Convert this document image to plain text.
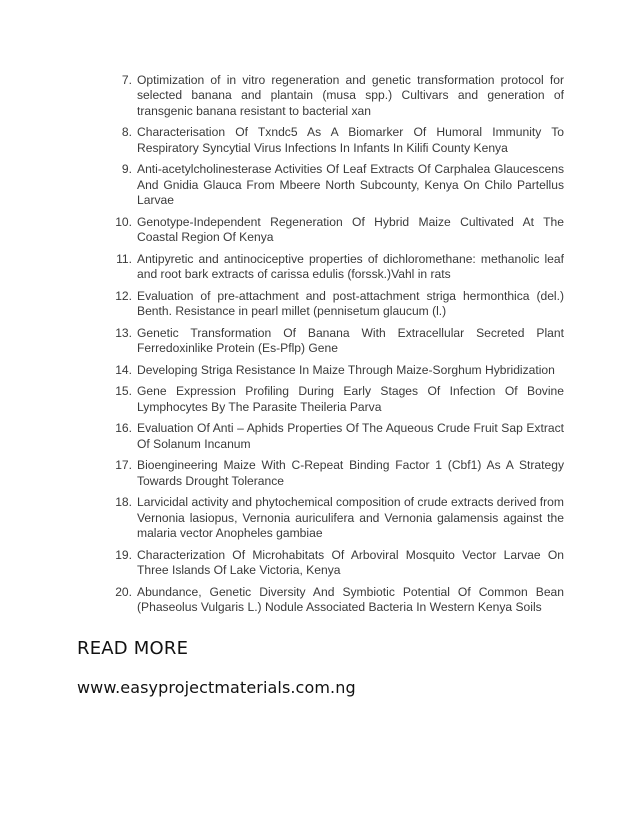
7. Optimization of in vitro regeneration and genetic transformation protocol for selected banana and plantain (musa spp.) Cultivars and generation of transgenic banana resistant to bacterial xan
8. Characterisation Of Txndc5 As A Biomarker Of Humoral Immunity To Respiratory Syncytial Virus Infections In Infants In Kilifi County Kenya
9. Anti-acetylcholinesterase Activities Of Leaf Extracts Of Carphalea Glaucescens And Gnidia Glauca From Mbeere North Subcounty, Kenya On Chilo Partellus Larvae
10. Genotype-Independent Regeneration Of Hybrid Maize Cultivated At The Coastal Region Of Kenya
11. Antipyretic and antinociceptive properties of dichloromethane: methanolic leaf and root bark extracts of carissa edulis (forssk.)Vahl in rats
12. Evaluation of pre-attachment and post-attachment striga hermonthica (del.) Benth. Resistance in pearl millet (pennisetum glaucum (l.)
13. Genetic Transformation Of Banana With Extracellular Secreted Plant Ferredoxinlike Protein (Es-Pflp) Gene
14. Developing Striga Resistance In Maize Through Maize-Sorghum Hybridization
15. Gene Expression Profiling During Early Stages Of Infection Of Bovine Lymphocytes By The Parasite Theileria Parva
16. Evaluation Of Anti – Aphids Properties Of The Aqueous Crude Fruit Sap Extract Of Solanum Incanum
17. Bioengineering Maize With C-Repeat Binding Factor 1 (Cbf1) As A Strategy Towards Drought Tolerance
18. Larvicidal activity and phytochemical composition of crude extracts derived from Vernonia lasiopus, Vernonia auriculifera and Vernonia galamensis against the malaria vector Anopheles gambiae
19. Characterization Of Microhabitats Of Arboviral Mosquito Vector Larvae On Three Islands Of Lake Victoria, Kenya
20. Abundance, Genetic Diversity And Symbiotic Potential Of Common Bean (Phaseolus Vulgaris L.) Nodule Associated Bacteria In Western Kenya Soils
READ MORE
www.easyprojectmaterials.com.ng
